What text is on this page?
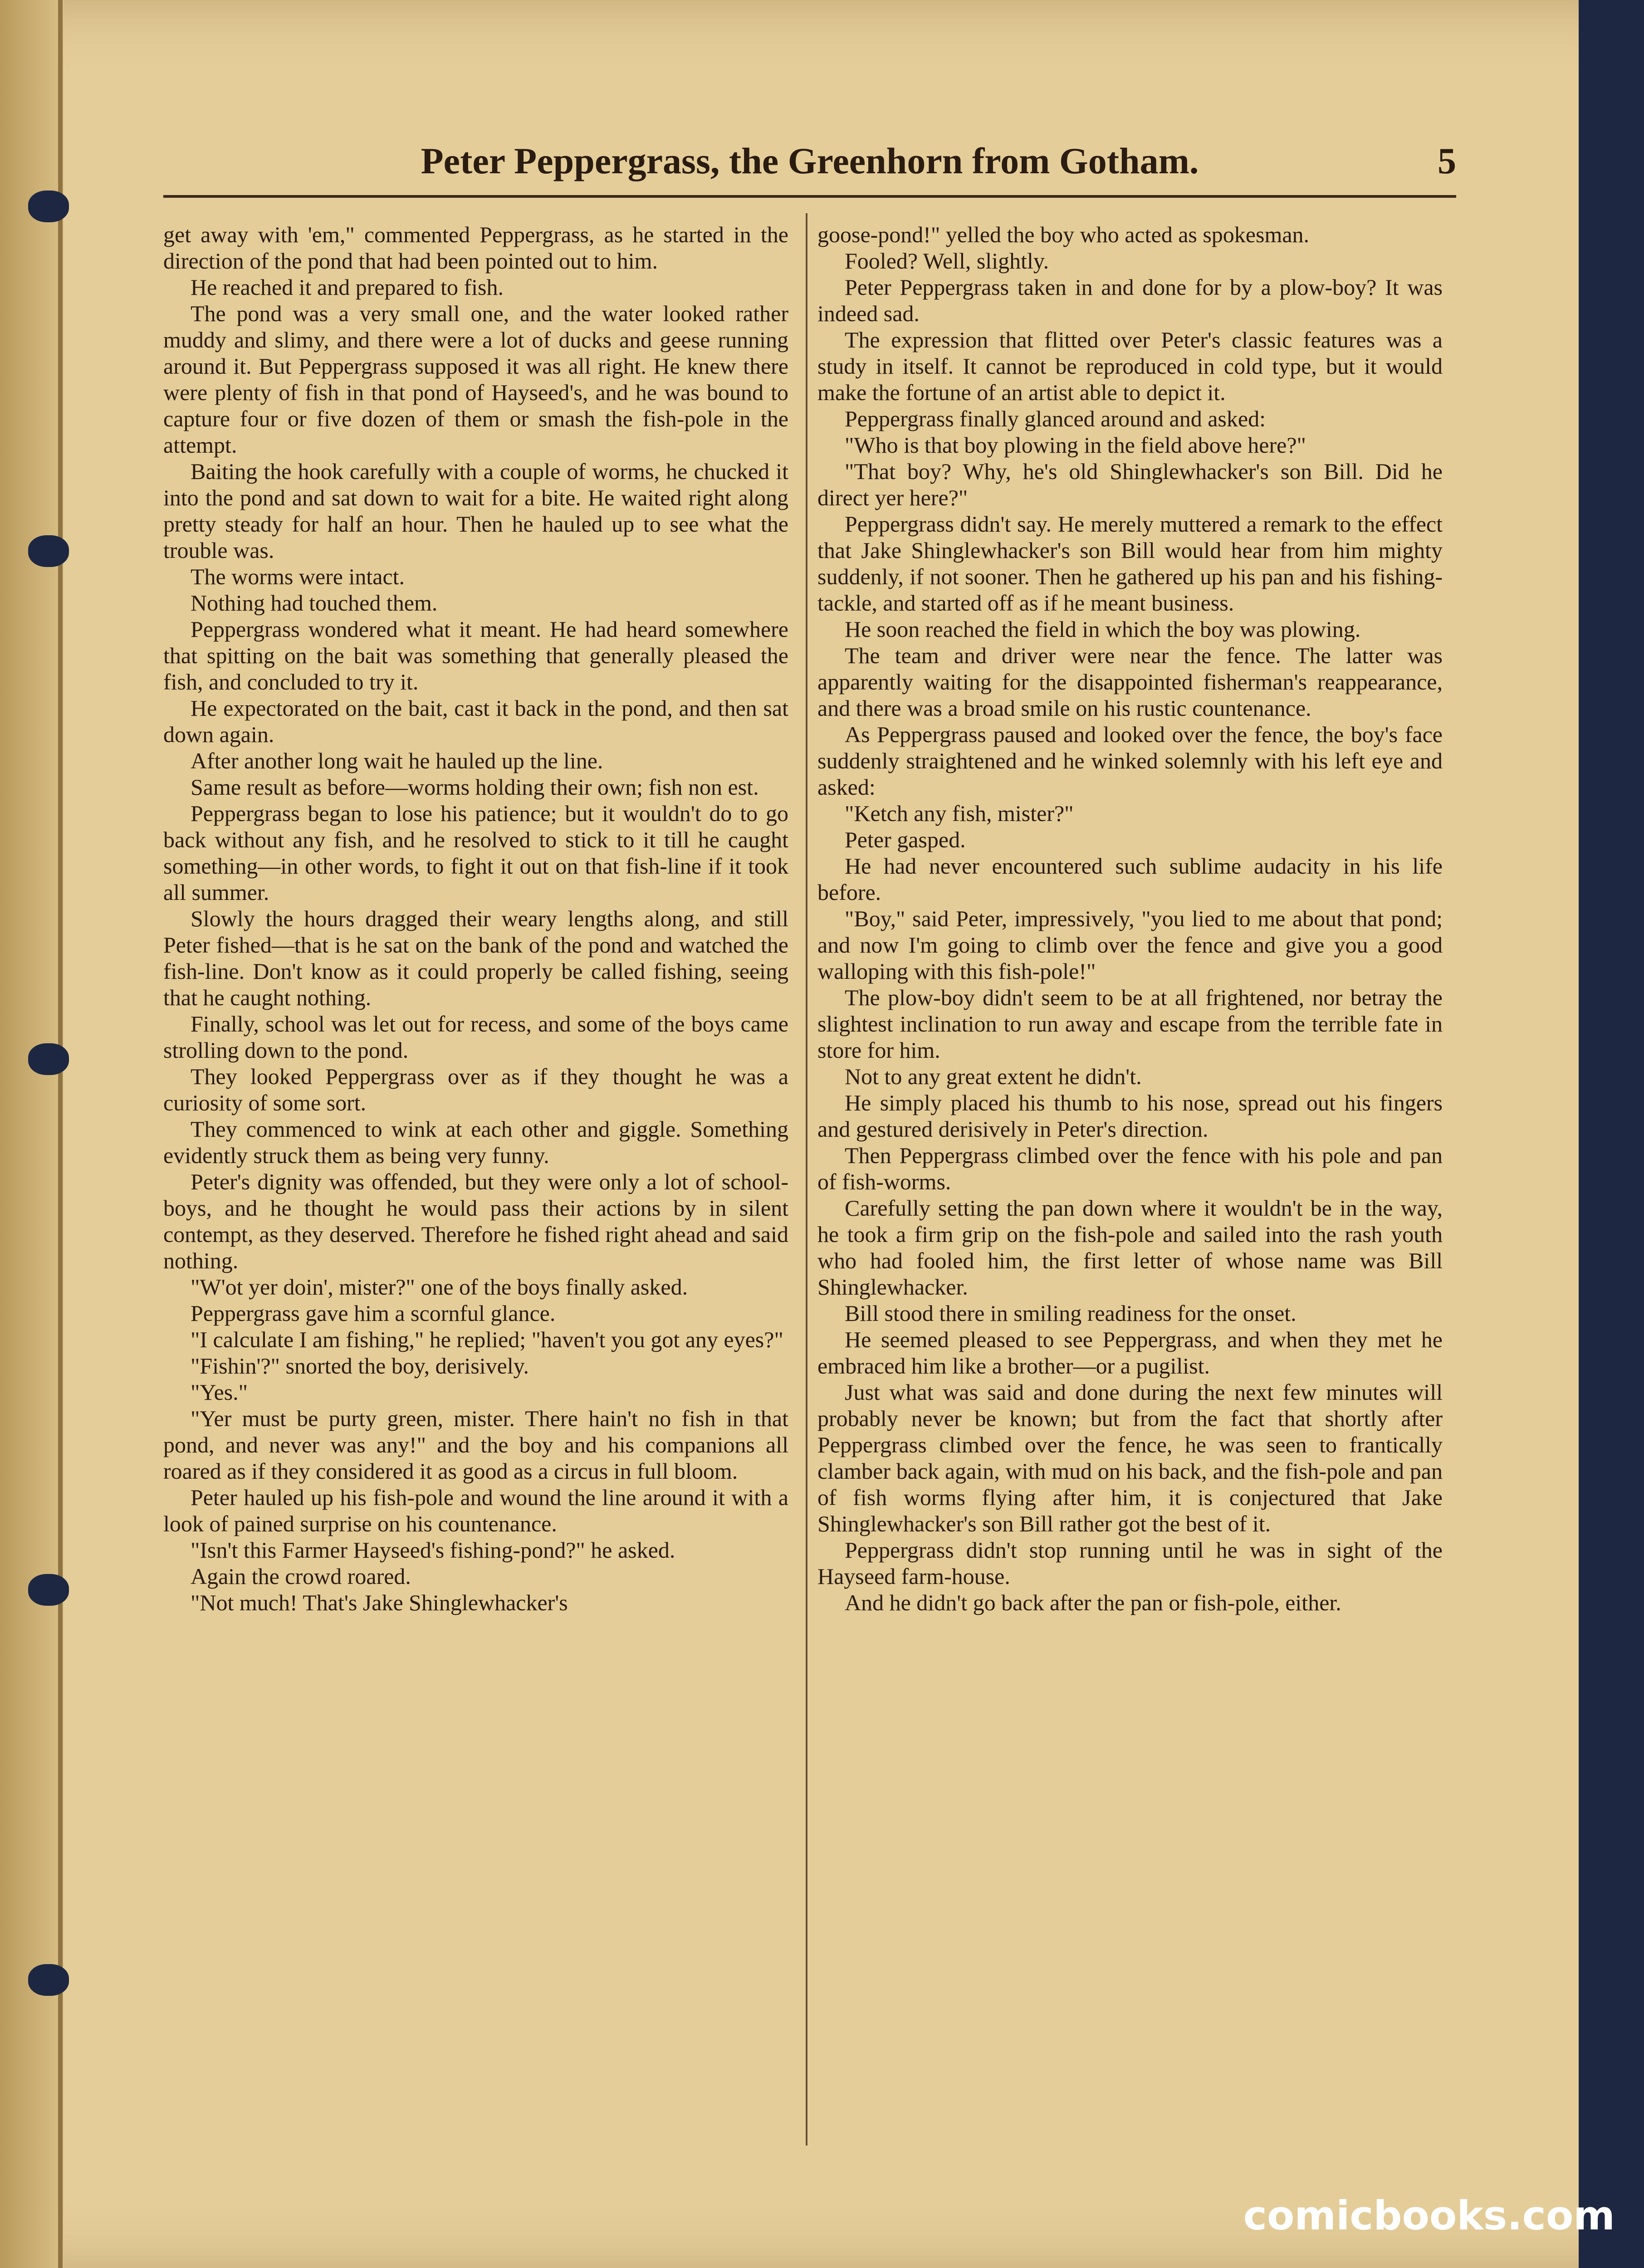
Peter Peppergrass, the Greenhorn from Gotham.	5

get away with 'em," commented Peppergrass, as he started in the direction of the pond that had been pointed out to him.

He reached it and prepared to fish.

The pond was a very small one, and the water looked rather muddy and slimy, and there were a lot of ducks and geese running around it. But Peppergrass supposed it was all right. He knew there were plenty of fish in that pond of Hayseed's, and he was bound to capture four or five dozen of them or smash the fish-pole in the attempt.

Baiting the hook carefully with a couple of worms, he chucked it into the pond and sat down to wait for a bite. He waited right along pretty steady for half an hour. Then he hauled up to see what the trouble was.

The worms were intact.

Nothing had touched them.

Peppergrass wondered what it meant. He had heard somewhere that spitting on the bait was something that generally pleased the fish, and concluded to try it.

He expectorated on the bait, cast it back in the pond, and then sat down again.

After another long wait he hauled up the line.

Same result as before—worms holding their own; fish non est.

Peppergrass began to lose his patience; but it wouldn't do to go back without any fish, and he resolved to stick to it till he caught something—in other words, to fight it out on that fish-line if it took all summer.

Slowly the hours dragged their weary lengths along, and still Peter fished—that is he sat on the bank of the pond and watched the fish-line. Don't know as it could properly be called fishing, seeing that he caught nothing.

Finally, school was let out for recess, and some of the boys came strolling down to the pond.

They looked Peppergrass over as if they thought he was a curiosity of some sort.

They commenced to wink at each other and giggle. Something evidently struck them as being very funny.

Peter's dignity was offended, but they were only a lot of school-boys, and he thought he would pass their actions by in silent contempt, as they deserved. Therefore he fished right ahead and said nothing.

"W'ot yer doin', mister?" one of the boys finally asked.

Peppergrass gave him a scornful glance.

"I calculate I am fishing," he replied; "haven't you got any eyes?"

"Fishin'?" snorted the boy, derisively.

"Yes."

"Yer must be purty green, mister. There hain't no fish in that pond, and never was any!" and the boy and his companions all roared as if they considered it as good as a circus in full bloom.

Peter hauled up his fish-pole and wound the line around it with a look of pained surprise on his countenance.

"Isn't this Farmer Hayseed's fishing-pond?" he asked.

Again the crowd roared.

"Not much! That's Jake Shinglewhacker's

goose-pond!" yelled the boy who acted as spokesman.

Fooled? Well, slightly.

Peter Peppergrass taken in and done for by a plow-boy? It was indeed sad.

The expression that flitted over Peter's classic features was a study in itself. It cannot be reproduced in cold type, but it would make the fortune of an artist able to depict it.

Peppergrass finally glanced around and asked:

"Who is that boy plowing in the field above here?"

"That boy? Why, he's old Shinglewhacker's son Bill. Did he direct yer here?"

Peppergrass didn't say. He merely muttered a remark to the effect that Jake Shinglewhacker's son Bill would hear from him mighty suddenly, if not sooner. Then he gathered up his pan and his fishing-tackle, and started off as if he meant business.

He soon reached the field in which the boy was plowing.

The team and driver were near the fence. The latter was apparently waiting for the disappointed fisherman's reappearance, and there was a broad smile on his rustic countenance.

As Peppergrass paused and looked over the fence, the boy's face suddenly straightened and he winked solemnly with his left eye and asked:

"Ketch any fish, mister?"

Peter gasped.

He had never encountered such sublime audacity in his life before.

"Boy," said Peter, impressively, "you lied to me about that pond; and now I'm going to climb over the fence and give you a good walloping with this fish-pole!"

The plow-boy didn't seem to be at all frightened, nor betray the slightest inclination to run away and escape from the terrible fate in store for him.

Not to any great extent he didn't.

He simply placed his thumb to his nose, spread out his fingers and gestured derisively in Peter's direction.

Then Peppergrass climbed over the fence with his pole and pan of fish-worms.

Carefully setting the pan down where it wouldn't be in the way, he took a firm grip on the fish-pole and sailed into the rash youth who had fooled him, the first letter of whose name was Bill Shinglewhacker.

Bill stood there in smiling readiness for the onset.

He seemed pleased to see Peppergrass, and when they met he embraced him like a brother—or a pugilist.

Just what was said and done during the next few minutes will probably never be known; but from the fact that shortly after Peppergrass climbed over the fence, he was seen to frantically clamber back again, with mud on his back, and the fish-pole and pan of fish worms flying after him, it is conjectured that Jake Shinglewhacker's son Bill rather got the best of it.

Peppergrass didn't stop running until he was in sight of the Hayseed farm-house.

And he didn't go back after the pan or fish-pole, either.

comicbooks.com
